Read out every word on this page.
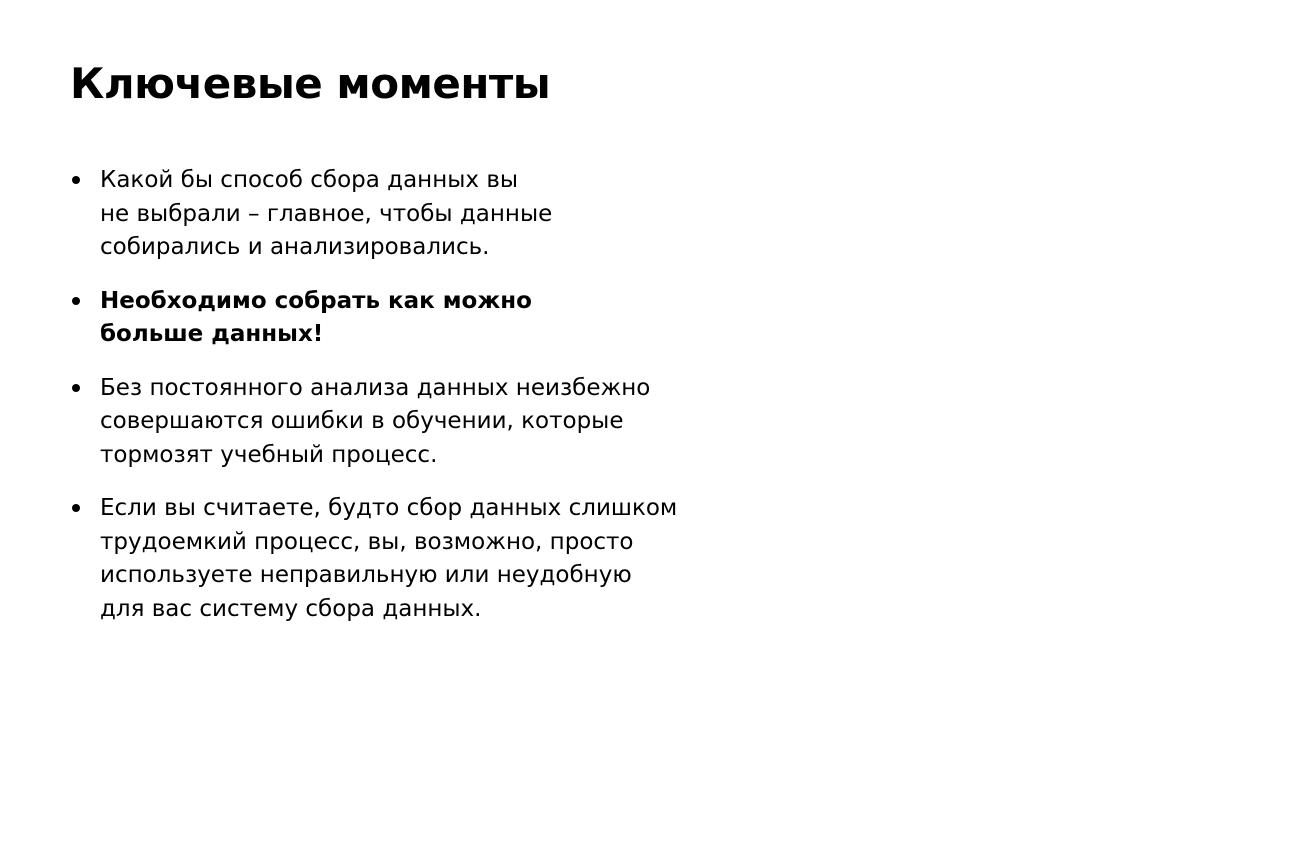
Ключевые моменты
Какой бы способ сбора данных вы
не выбрали – главное, чтобы данные
собирались и анализировались.
Необходимо собрать как можно
больше данных!
Без постоянного анализа данных неизбежно
совершаются ошибки в обучении, которые
тормозят учебный процесс.
Если вы считаете, будто сбор данных слишком
трудоемкий процесс, вы, возможно, просто
используете неправильную или неудобную
для вас систему сбора данных.
